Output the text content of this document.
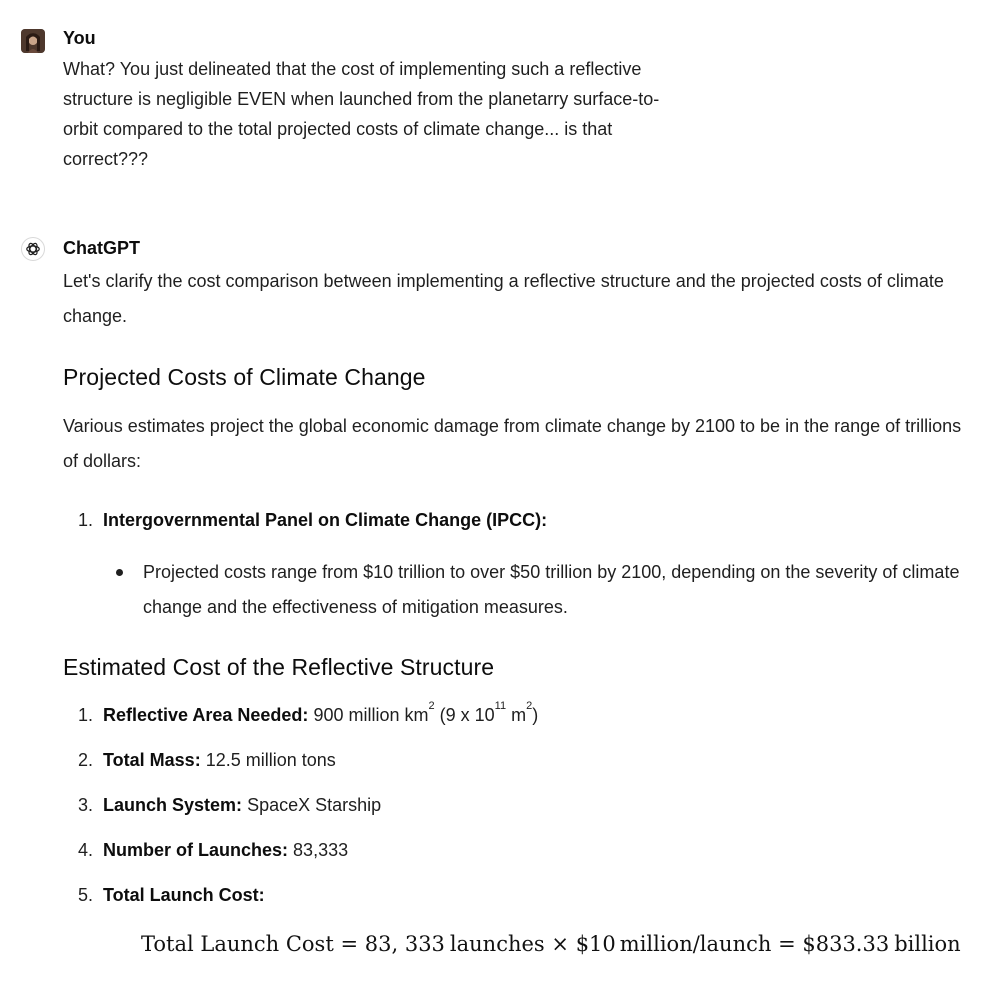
You
What? You just delineated that the cost of implementing such a reflective structure is negligible EVEN when launched from the planetarry surface-to-orbit compared to the total projected costs of climate change... is that correct???
ChatGPT

Let's clarify the cost comparison between implementing a reflective structure and the projected costs of climate change.

Projected Costs of Climate Change

Various estimates project the global economic damage from climate change by 2100 to be in the range of trillions of dollars:

1. Intergovernmental Panel on Climate Change (IPCC):

Projected costs range from $10 trillion to over $50 trillion by 2100, depending on the severity of climate change and the effectiveness of mitigation measures.

Estimated Cost of the Reflective Structure
1. Reflective Area Needed: 900 million $km^2$ (9 x $10^{11}$ $m^2$)
2. Total Mass: 12.5 million tons
3. Launch System: SpaceX Starship
4. Number of Launches: 83,333
5. Total Launch Cost:
Total Launch Cost = 83, 333 launches × $10 million/launch = $833.33 billion
